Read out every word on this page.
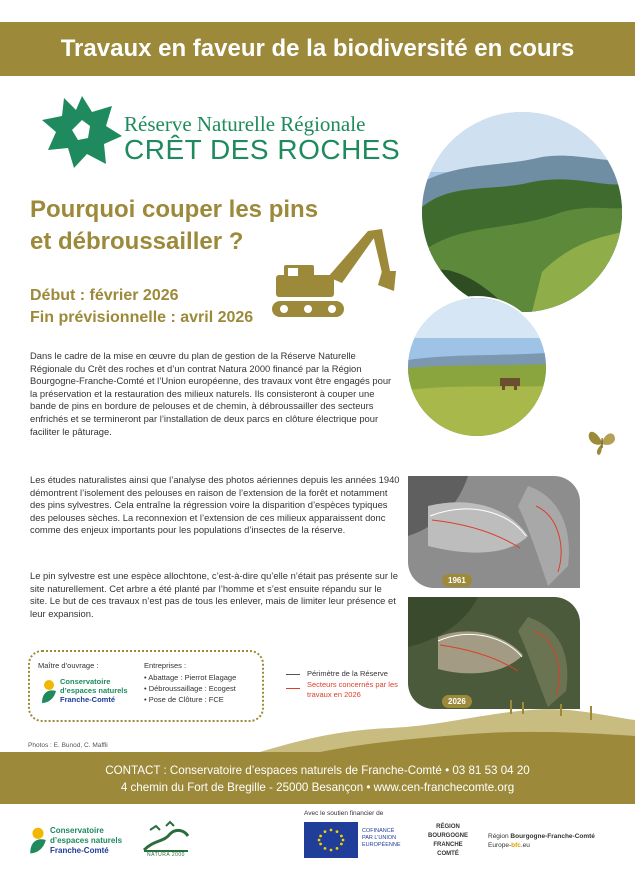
Travaux en faveur de la biodiversité en cours
Réserve Naturelle Régionale
CRÊT DES ROCHES
Pourquoi couper les pins
et débroussailler ?
Début : février 2026
Fin prévisionnelle : avril 2026

Dans le cadre de la mise en œuvre du plan de gestion de la Réserve Naturelle Régionale du Crêt des roches et d’un contrat Natura 2000 financé par la Région Bourgogne-Franche-Comté et l’Union européenne, des travaux vont être engagés pour la préservation et la restauration des milieux naturels. Ils consisteront à couper une bande de pins en bordure de pelouses et de chemin, à débroussailler des secteurs enfrichés et se termineront par l’installation de deux parcs en clôture électrique pour faciliter le pâturage.

Les études naturalistes ainsi que l’analyse des photos aériennes depuis les années 1940 démontrent l’isolement des pelouses en raison de l’extension de la forêt et notamment des pins sylvestres. Cela entraîne la régression voire la disparition d’espèces typiques des pelouses sèches. La reconnexion et l’extension de ces milieux apparaissent donc comme des enjeux importants pour les populations d’insectes de la réserve.

Le pin sylvestre est une espèce allochtone, c’est-à-dire qu’elle n’était pas présente sur le site naturellement. Cet arbre a été planté par l’homme et s’est ensuite répandu sur le site. Le but de ces travaux n’est pas de tous les enlever, mais de limiter leur présence et leur expansion.

1961
2026
Maître d’ouvrage :
Conservatoire
d’espaces naturels
Franche-Comté
Entreprises :
• Abattage : Pierrot Elagage
• Débroussaillage : Ecogest
• Pose de Clôture : FCE
Périmètre de la Réserve
Secteurs concernés par les travaux en 2026
Photos : E. Bunod, C. Maffli
CONTACT : Conservatoire d’espaces naturels de Franche-Comté • 03 81 53 04 20
4 chemin du Fort de Bregille - 25000 Besançon • www.cen-franchecomte.org
Conservatoire
d’espaces naturels
Franche-Comté	NATURA 2000
Avec le soutien financier de
COFINANCÉ
PAR L’UNION
EUROPÉENNE
RÉGION
BOURGOGNE
FRANCHE
COMTÉ
Région Bourgogne-Franche-Comté
Europe-bfc.eu
